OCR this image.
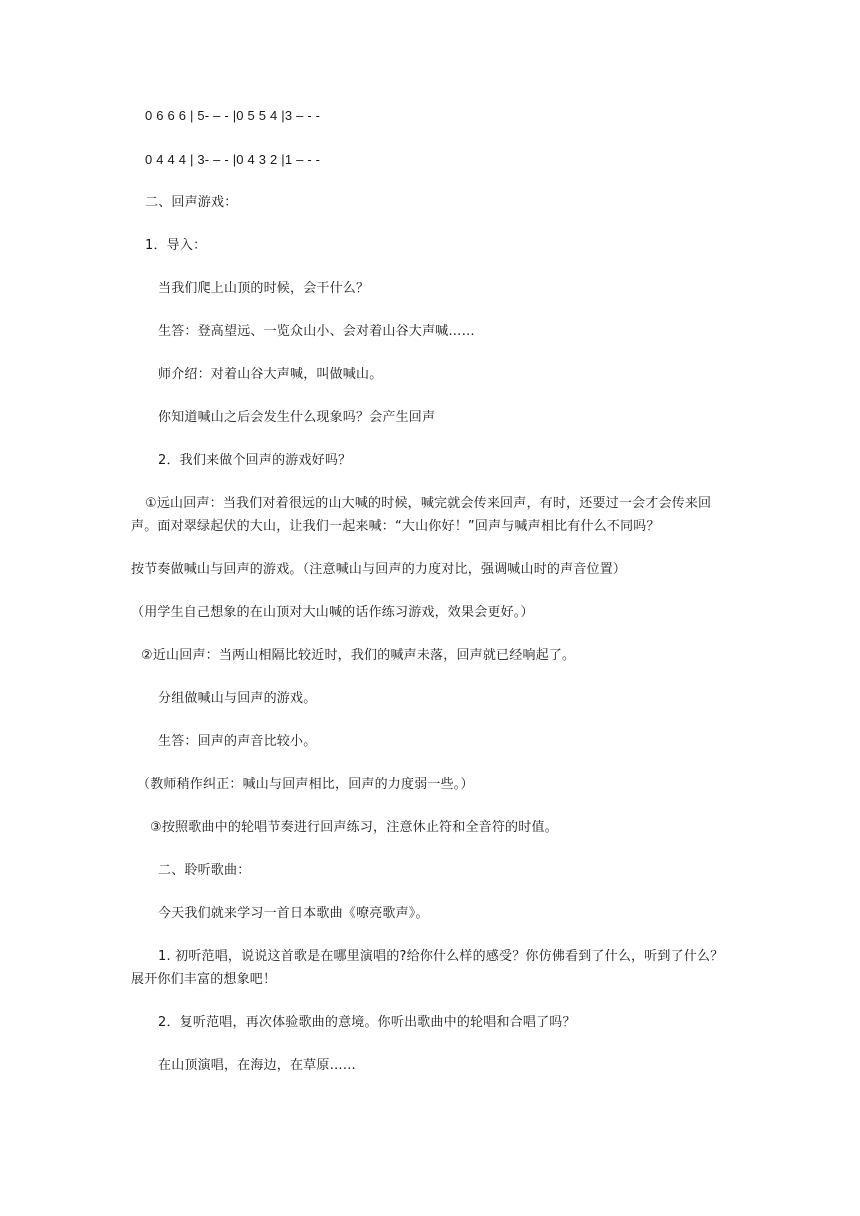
0 6 6 6 | 5- – - |0 5 5 4 |3 – - -
0 4 4 4 | 3- – - |0 4 3 2 |1 – - -
二、回声游戏：
1．导入：
当我们爬上山顶的时候，会干什么？
生答：登高望远、一览众山小、会对着山谷大声喊……
师介绍：对着山谷大声喊，叫做喊山。
你知道喊山之后会发生什么现象吗？会产生回声
2．我们来做个回声的游戏好吗？
①远山回声：当我们对着很远的山大喊的时候，喊完就会传来回声，有时，还要过一会才会传来回
声。面对翠绿起伏的大山，让我们一起来喊：“大山你好！”回声与喊声相比有什么不同吗？
按节奏做喊山与回声的游戏。（注意喊山与回声的力度对比，强调喊山时的声音位置）
（用学生自己想象的在山顶对大山喊的话作练习游戏，效果会更好。）
②近山回声：当两山相隔比较近时，我们的喊声未落，回声就已经响起了。
分组做喊山与回声的游戏。
生答：回声的声音比较小。
（教师稍作纠正：喊山与回声相比，回声的力度弱一些。）
③按照歌曲中的轮唱节奏进行回声练习，注意休止符和全音符的时值。
二、聆听歌曲：
今天我们就来学习一首日本歌曲《嘹亮歌声》。
1. 初听范唱，说说这首歌是在哪里演唱的?给你什么样的感受？你仿佛看到了什么，听到了什么？
展开你们丰富的想象吧！
2．复听范唱，再次体验歌曲的意境。你听出歌曲中的轮唱和合唱了吗？
在山顶演唱，在海边，在草原……
